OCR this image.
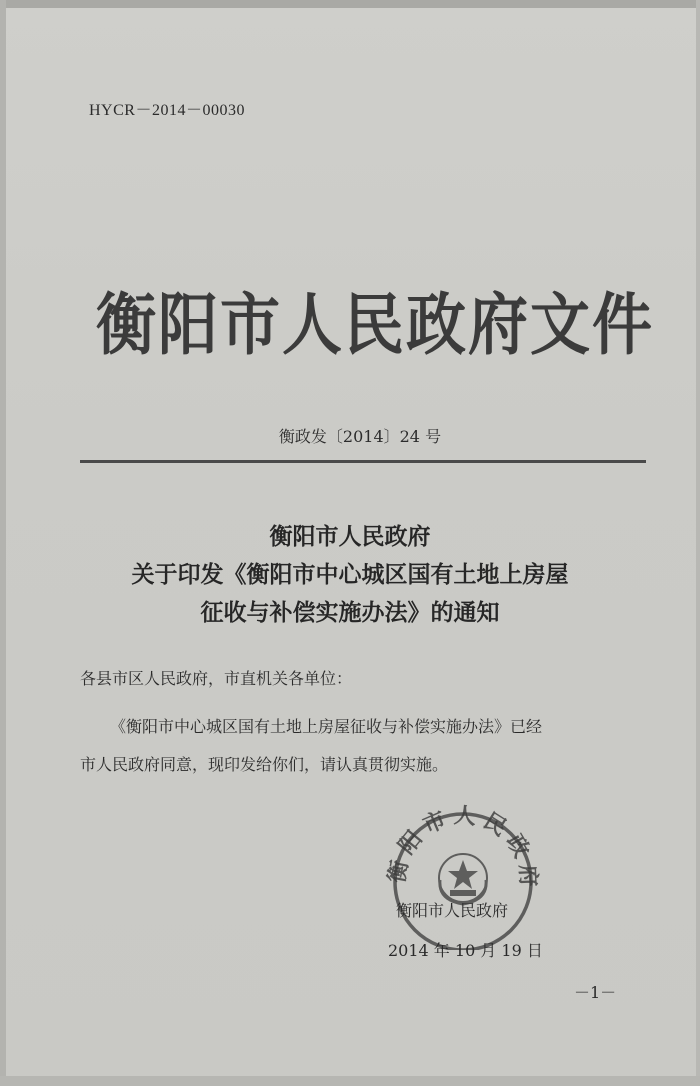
HYCR－2014－00030
衡阳市人民政府文件
衡政发〔2014〕24 号
衡阳市人民政府
关于印发《衡阳市中心城区国有土地上房屋
征收与补偿实施办法》的通知
各县市区人民政府，市直机关各单位：
《衡阳市中心城区国有土地上房屋征收与补偿实施办法》已经
市人民政府同意，现印发给你们，请认真贯彻实施。
衡阳市人民政府
衡阳市人民政府
2014 年 10 月 19 日
－1－
